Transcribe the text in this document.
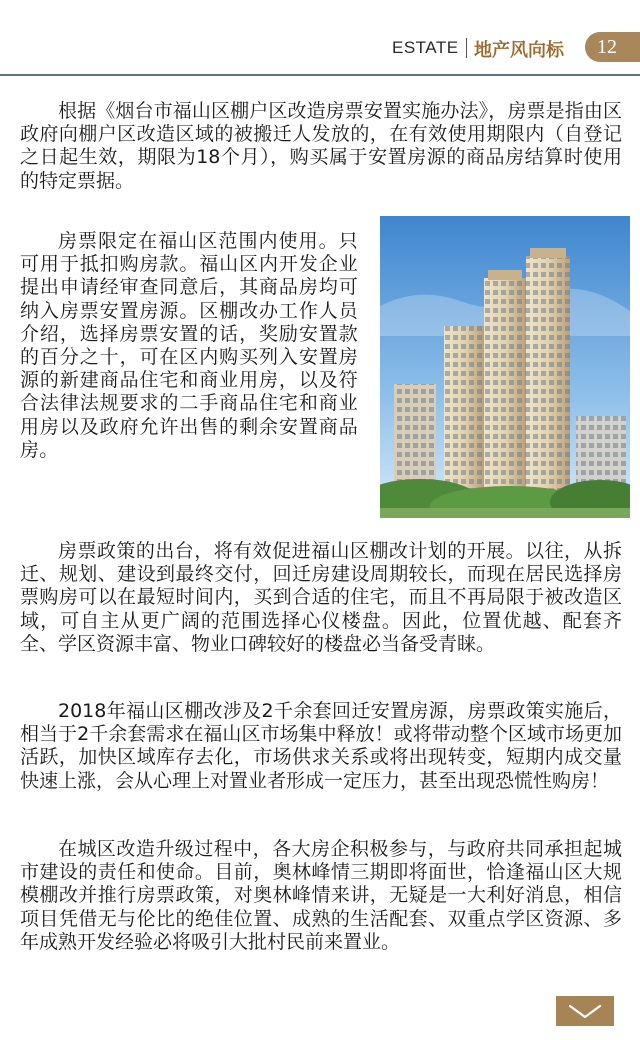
ESTATE 地产风向标	12

根据《烟台市福山区棚户区改造房票安置实施办法》，房票是指由区政府向棚户区改造区域的被搬迁人发放的，在有效使用期限内（自登记之日起生效，期限为18个月），购买属于安置房源的商品房结算时使用的特定票据。

房票限定在福山区范围内使用。只可用于抵扣购房款。福山区内开发企业提出申请经审查同意后，其商品房均可纳入房票安置房源。区棚改办工作人员介绍，选择房票安置的话，奖励安置款的百分之十，可在区内购买列入安置房源的新建商品住宅和商业用房，以及符合法律法规要求的二手商品住宅和商业用房以及政府允许出售的剩余安置商品房。

房票政策的出台，将有效促进福山区棚改计划的开展。以往，从拆迁、规划、建设到最终交付，回迁房建设周期较长，而现在居民选择房票购房可以在最短时间内，买到合适的住宅，而且不再局限于被改造区域，可自主从更广阔的范围选择心仪楼盘。因此，位置优越、配套齐全、学区资源丰富、物业口碑较好的楼盘必当备受青睐。

2018年福山区棚改涉及2千余套回迁安置房源，房票政策实施后，相当于2千余套需求在福山区市场集中释放！或将带动整个区域市场更加活跃，加快区域库存去化，市场供求关系或将出现转变，短期内成交量快速上涨，会从心理上对置业者形成一定压力，甚至出现恐慌性购房！

在城区改造升级过程中，各大房企积极参与，与政府共同承担起城市建设的责任和使命。目前，奥林峰情三期即将面世，恰逢福山区大规模棚改并推行房票政策，对奥林峰情来讲，无疑是一大利好消息，相信项目凭借无与伦比的绝佳位置、成熟的生活配套、双重点学区资源、多年成熟开发经验必将吸引大批村民前来置业。
